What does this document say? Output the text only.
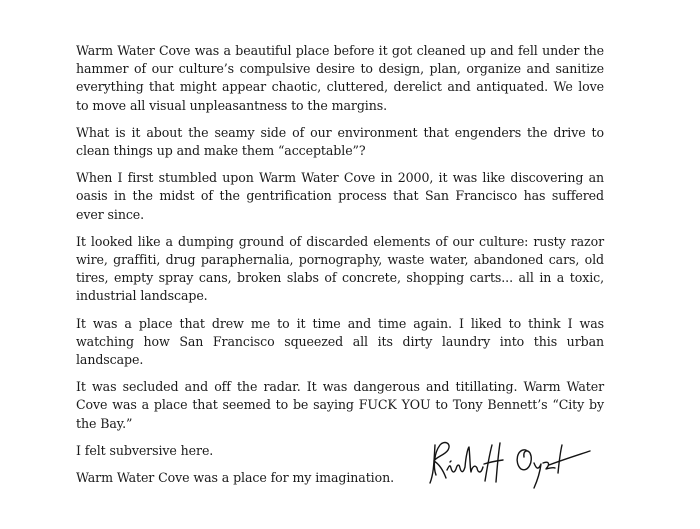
Warm Water Cove was a beautiful place before it got cleaned up and fell under the hammer of our culture’s compulsive desire to design, plan, organize and sanitize everything that might appear chaotic, cluttered, derelict and antiquated. We love to move all visual unpleasantness to the margins.

What is it about the seamy side of our environment that engenders the drive to clean things up and make them “acceptable”?

When I first stumbled upon Warm Water Cove in 2000, it was like discovering an oasis in the midst of the gentrification process that San Francisco has suffered ever since.

It looked like a dumping ground of discarded elements of our culture: rusty razor wire, graffiti, drug paraphernalia, pornography, waste water, abandoned cars, old tires, empty spray cans, broken slabs of concrete, shopping carts... all in a toxic, industrial landscape.

It was a place that drew me to it time and time again. I liked to think I was watching how San Francisco squeezed all its dirty laundry into this urban landscape.

It was secluded and off the radar. It was dangerous and titillating. Warm Water Cove was a place that seemed to be saying FUCK YOU to Tony Bennett’s “City by the Bay.”

I felt subversive here.

Warm Water Cove was a place for my imagination.
